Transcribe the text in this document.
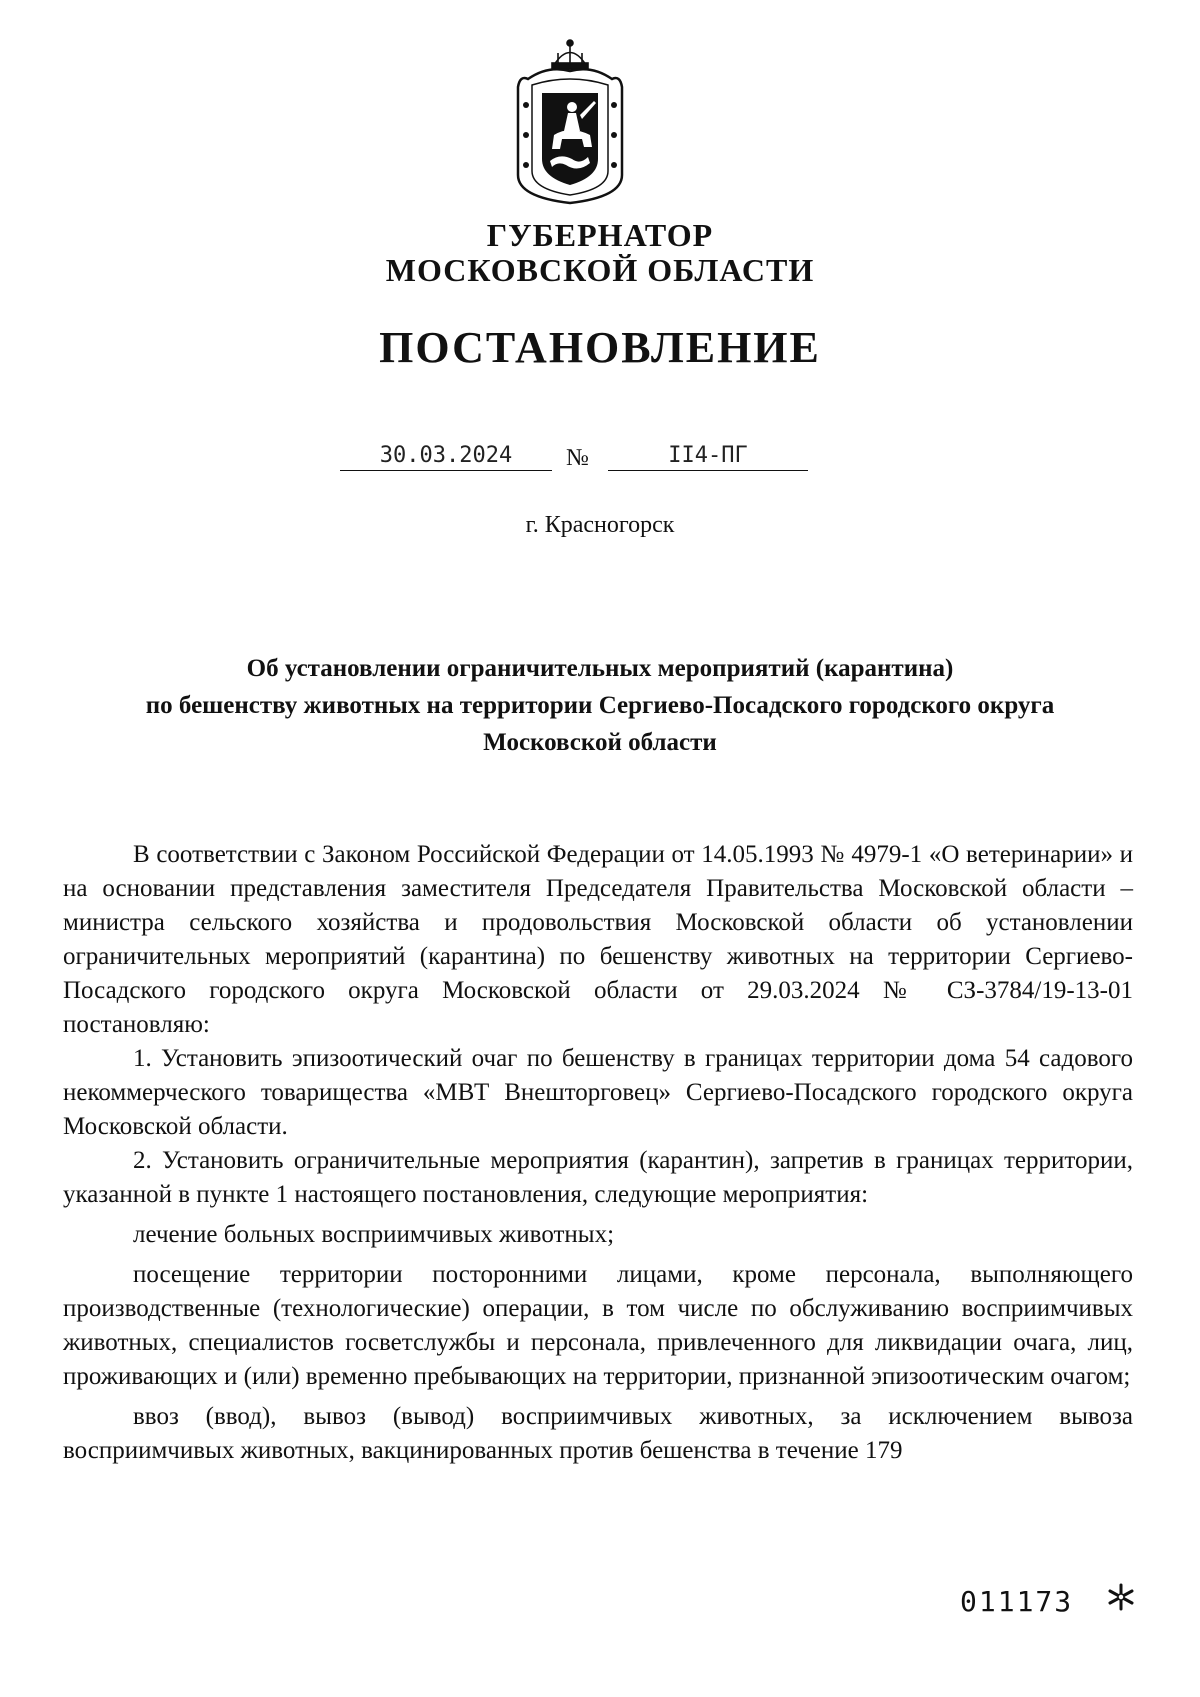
ГУБЕРНАТОР
МОСКОВСКОЙ ОБЛАСТИ
ПОСТАНОВЛЕНИЕ
30.03.2024	№	II4-ПГ
г. Красногорск
Об установлении ограничительных мероприятий (карантина)
по бешенству животных на территории Сергиево-Посадского городского округа
Московской области

В соответствии с Законом Российской Федерации от 14.05.1993 № 4979-1 «О ветеринарии» и на основании представления заместителя Председателя Правительства Московской области – министра сельского хозяйства и продовольствия Московской области об установлении ограничительных мероприятий (карантина) по бешенству животных на территории Сергиево-Посадского городского округа Московской области от 29.03.2024 № СЗ-3784/19-13-01 постановляю:

1. Установить эпизоотический очаг по бешенству в границах территории дома 54 садового некоммерческого товарищества «МВТ Внешторговец» Сергиево-Посадского городского округа Московской области.

2. Установить ограничительные мероприятия (карантин), запретив в границах территории, указанной в пункте 1 настоящего постановления, следующие мероприятия:

лечение больных восприимчивых животных;

посещение территории посторонними лицами, кроме персонала, выполняющего производственные (технологические) операции, в том числе по обслуживанию восприимчивых животных, специалистов госветслужбы и персонала, привлеченного для ликвидации очага, лиц, проживающих и (или) временно пребывающих на территории, признанной эпизоотическим очагом;

ввоз (ввод), вывоз (вывод) восприимчивых животных, за исключением вывоза восприимчивых животных, вакцинированных против бешенства в течение 179

011173
